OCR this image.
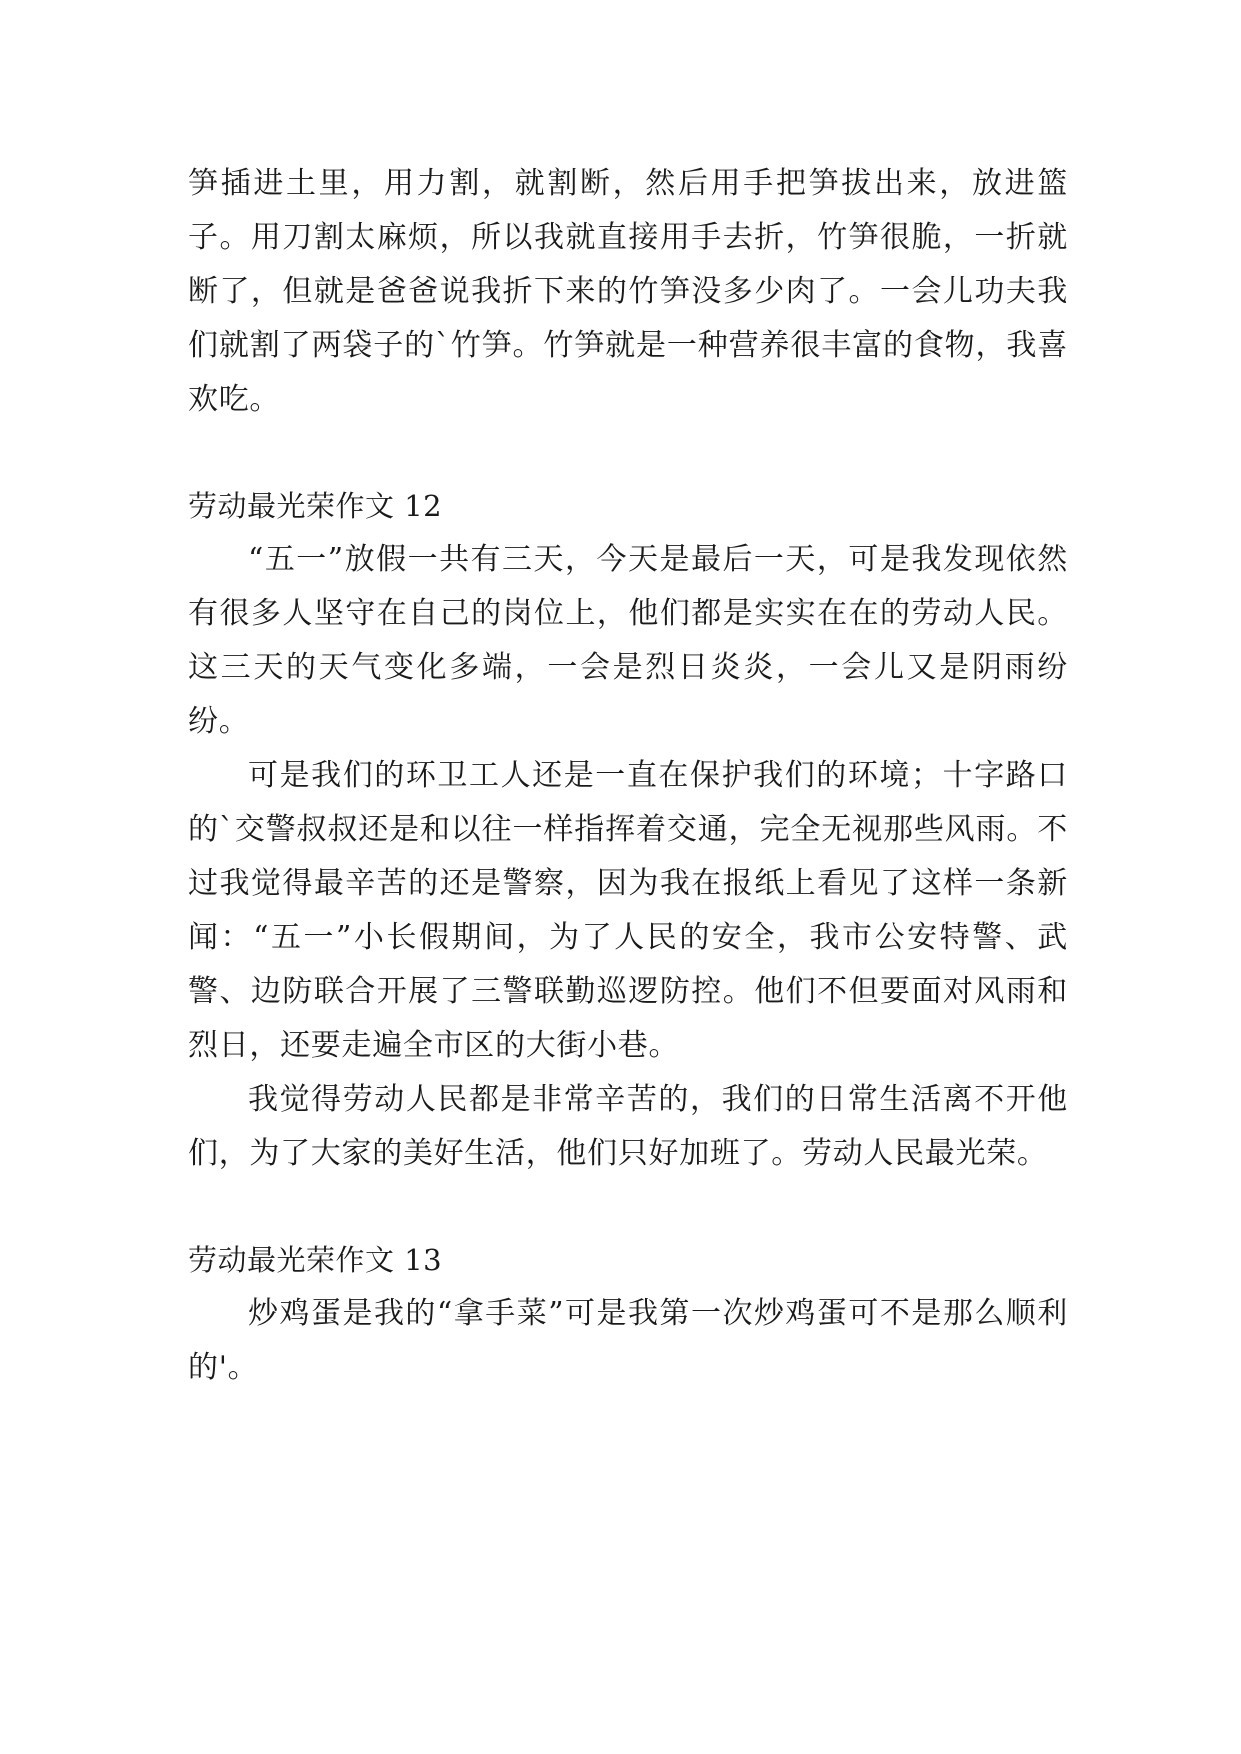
笋插进土里，用力割，就割断，然后用手把笋拔出来，放进篮子。用刀割太麻烦，所以我就直接用手去折，竹笋很脆，一折就断了，但就是爸爸说我折下来的竹笋没多少肉了。一会儿功夫我们就割了两袋子的`竹笋。竹笋就是一种营养很丰富的食物，我喜欢吃。

劳动最光荣作文 12

“五一”放假一共有三天，今天是最后一天，可是我发现依然有很多人坚守在自己的岗位上，他们都是实实在在的劳动人民。这三天的天气变化多端，一会是烈日炎炎，一会儿又是阴雨纷纷。

可是我们的环卫工人还是一直在保护我们的环境；十字路口的`交警叔叔还是和以往一样指挥着交通，完全无视那些风雨。不过我觉得最辛苦的还是警察，因为我在报纸上看见了这样一条新闻：“五一”小长假期间，为了人民的安全，我市公安特警、武警、边防联合开展了三警联勤巡逻防控。他们不但要面对风雨和烈日，还要走遍全市区的大街小巷。

我觉得劳动人民都是非常辛苦的，我们的日常生活离不开他们，为了大家的美好生活，他们只好加班了。劳动人民最光荣。

劳动最光荣作文 13

炒鸡蛋是我的“拿手菜”可是我第一次炒鸡蛋可不是那么顺利的'。
